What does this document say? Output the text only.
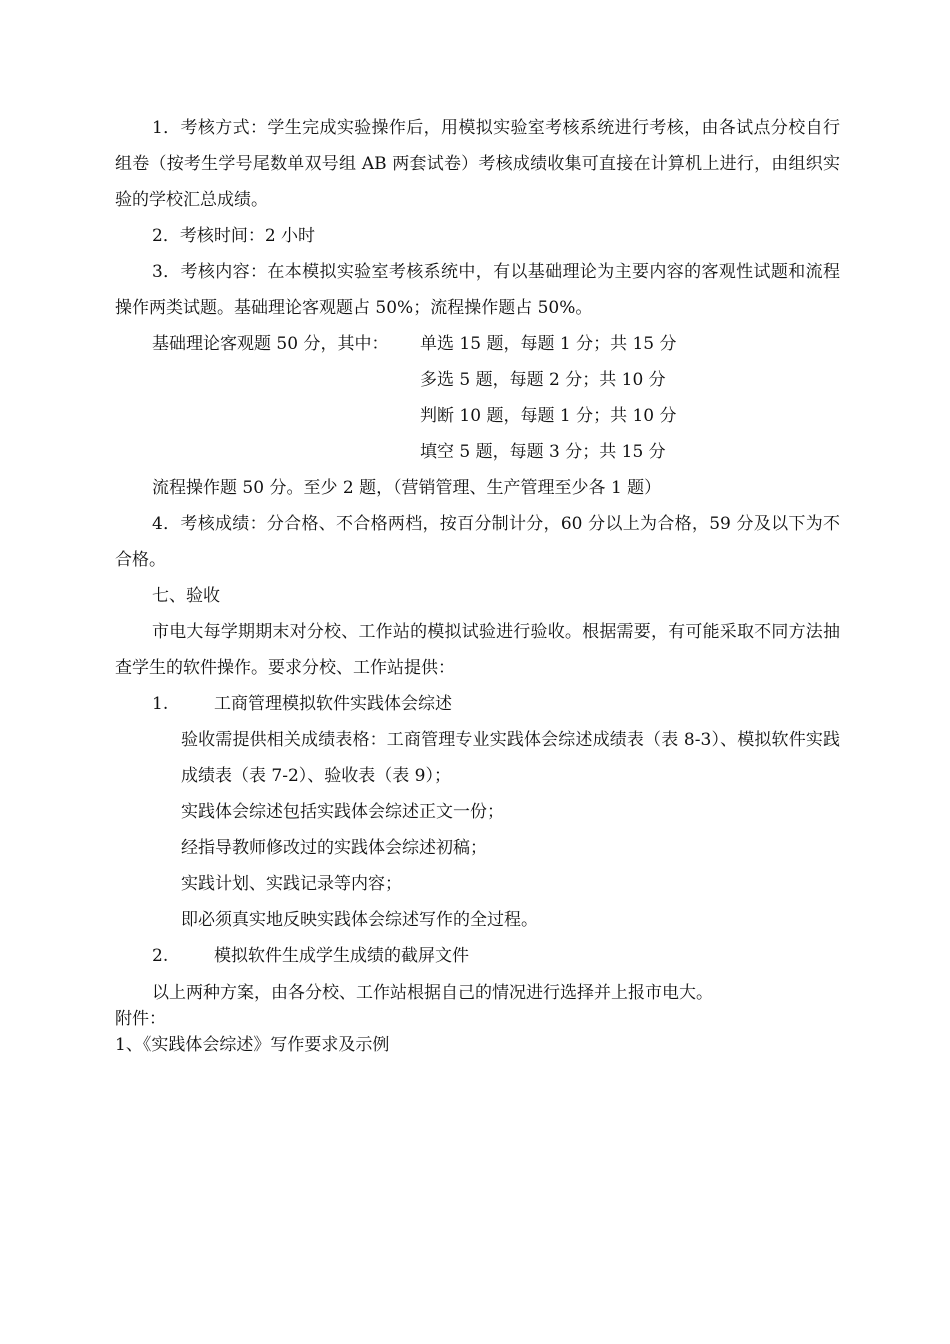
1．考核方式：学生完成实验操作后，用模拟实验室考核系统进行考核，由各试点分校自行组卷（按考生学号尾数单双号组 AB 两套试卷）考核成绩收集可直接在计算机上进行，由组织实验的学校汇总成绩。

2．考核时间：2 小时

3．考核内容：在本模拟实验室考核系统中，有以基础理论为主要内容的客观性试题和流程操作两类试题。基础理论客观题占 50%；流程操作题占 50%。

基础理论客观题 50 分，其中：	单选 15 题，每题 1 分；共 15 分
多选 5 题，每题 2 分；共 10 分
判断 10 题，每题 1 分；共 10 分
填空 5 题，每题 3 分；共 15 分

流程操作题 50 分。至少 2 题，（营销管理、生产管理至少各 1 题）

4．考核成绩：分合格、不合格两档，按百分制计分，60 分以上为合格，59 分及以下为不合格。

七、验收

市电大每学期期末对分校、工作站的模拟试验进行验收。根据需要，有可能采取不同方法抽查学生的软件操作。要求分校、工作站提供：

1.	工商管理模拟软件实践体会综述

验收需提供相关成绩表格：工商管理专业实践体会综述成绩表（表 8-3）、模拟软件实践成绩表（表 7-2）、验收表（表 9）；

实践体会综述包括实践体会综述正文一份；

经指导教师修改过的实践体会综述初稿；

实践计划、实践记录等内容；

即必须真实地反映实践体会综述写作的全过程。

2.	模拟软件生成学生成绩的截屏文件

以上两种方案，由各分校、工作站根据自己的情况进行选择并上报市电大。

附件：

1、《实践体会综述》写作要求及示例
